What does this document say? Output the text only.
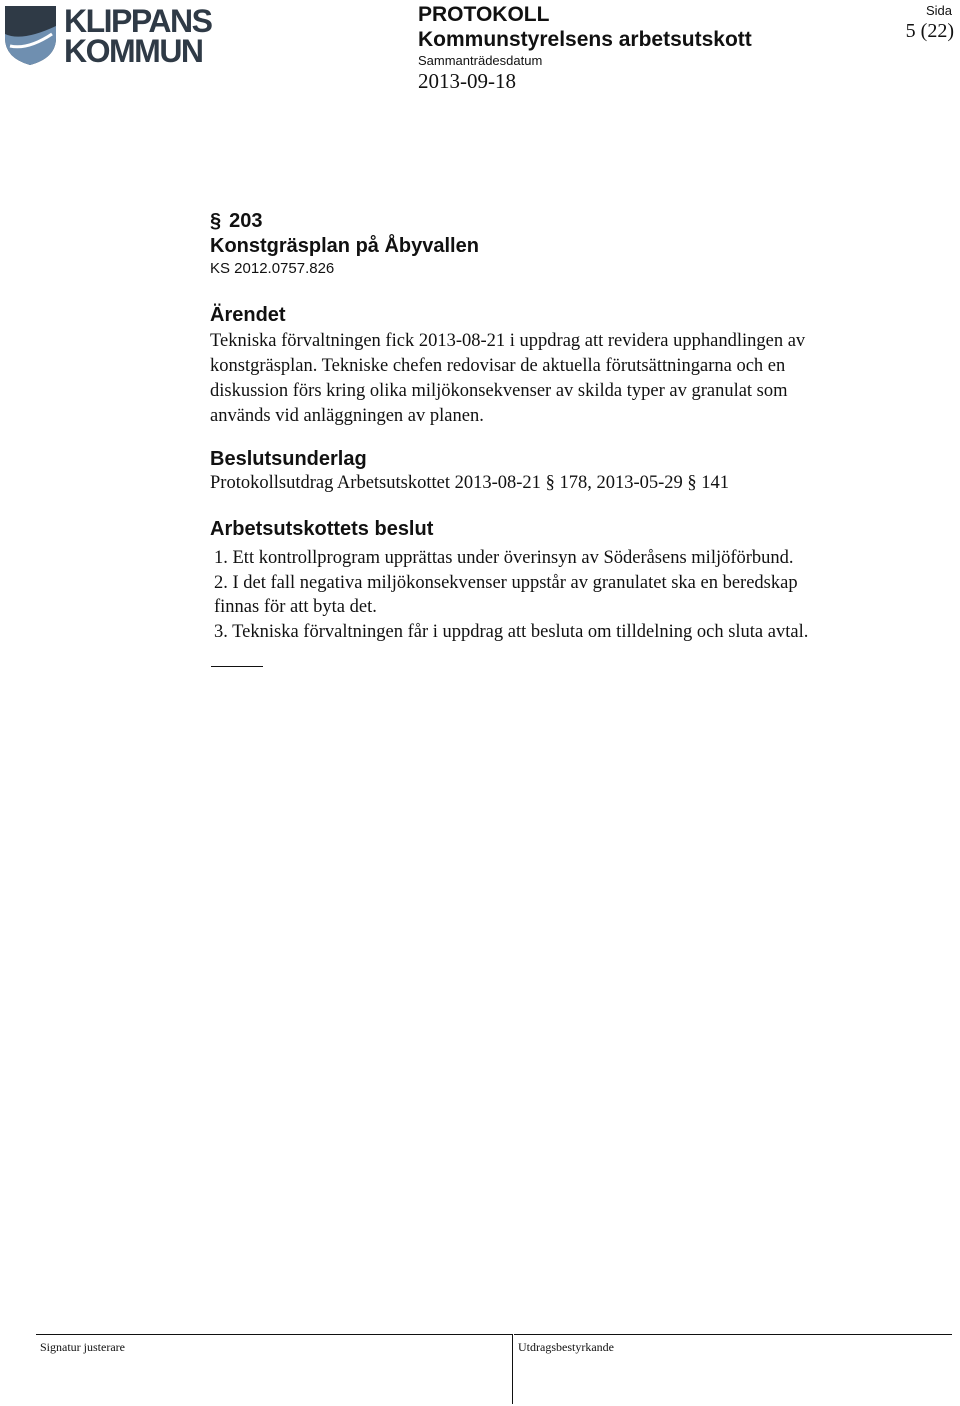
KLIPPANS
KOMMUN
PROTOKOLL
Kommunstyrelsens arbetsutskott
Sammanträdesdatum
2013-09-18
Sida
5 (22)
§ 203
Konstgräsplan på Åbyvallen
KS 2012.0757.826
Ärendet
Tekniska förvaltningen fick 2013-08-21 i uppdrag att revidera upphandlingen av
konstgräsplan. Tekniske chefen redovisar de aktuella förutsättningarna och en
diskussion förs kring olika miljökonsekvenser av skilda typer av granulat som
används vid anläggningen av planen.
Beslutsunderlag
Protokollsutdrag Arbetsutskottet 2013-08-21 § 178, 2013-05-29 § 141
Arbetsutskottets beslut
1. Ett kontrollprogram upprättas under överinsyn av Söderåsens miljöförbund.
2. I det fall negativa miljökonsekvenser uppstår av granulatet ska en beredskap
finnas för att byta det.
3. Tekniska förvaltningen får i uppdrag att besluta om tilldelning och sluta avtal.
Signatur justerare	Utdragsbestyrkande
